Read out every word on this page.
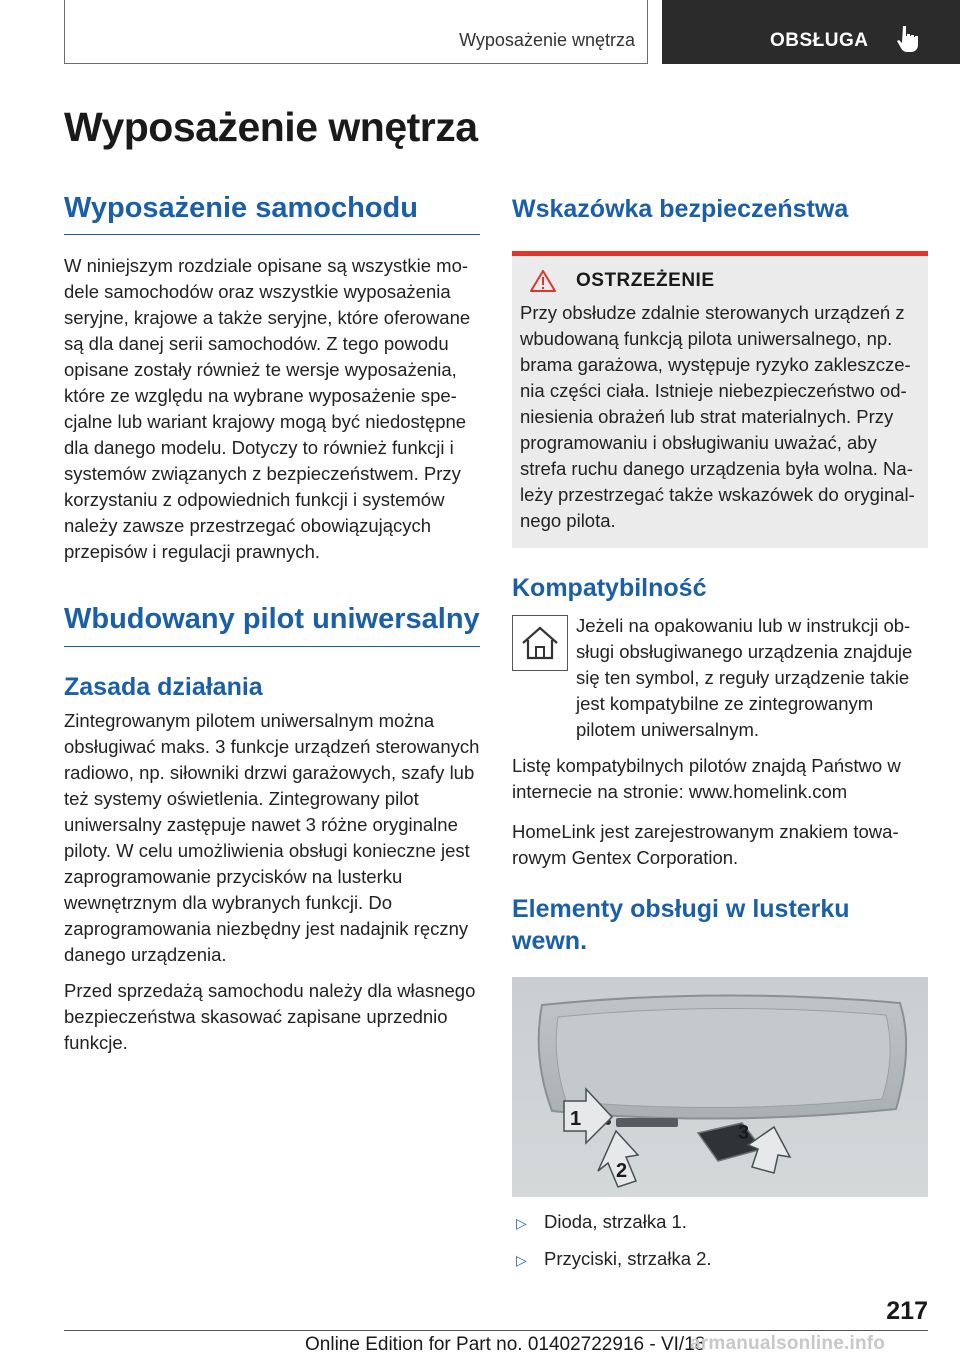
Wyposażenie wnętrza	OBSŁUGA
Wyposażenie wnętrza
Wyposażenie samochodu

W niniejszym rozdziale opisane są wszystkie modele samochodów oraz wszystkie wyposażenia seryjne, krajowe a także seryjne, które oferowane są dla danej serii samochodów. Z tego powodu opisane zostały również te wersje wyposażenia, które ze względu na wybrane wyposażenie specjalne lub wariant krajowy mogą być niedostępne dla danego modelu. Dotyczy to również funkcji i systemów związanych z bezpieczeństwem. Przy korzystaniu z odpowiednich funkcji i systemów należy zawsze przestrzegać obowiązujących przepisów i regulacji prawnych.

Wbudowany pilot uniwersalny
Zasada działania

Zintegrowanym pilotem uniwersalnym można obsługiwać maks. 3 funkcje urządzeń sterowanych radiowo, np. siłowniki drzwi garażowych, szafy lub też systemy oświetlenia. Zintegrowany pilot uniwersalny zastępuje nawet 3 różne oryginalne piloty. W celu umożliwienia obsługi konieczne jest zaprogramowanie przycisków na lusterku wewnętrznym dla wybranych funkcji. Do zaprogramowania niezbędny jest nadajnik ręczny danego urządzenia.

Przed sprzedażą samochodu należy dla własnego bezpieczeństwa skasować zapisane uprzednio funkcje.

Wskazówka bezpieczeństwa
OSTRZEŻENIE

Przy obsłudze zdalnie sterowanych urządzeń z wbudowaną funkcją pilota uniwersalnego, np. brama garażowa, występuje ryzyko zakleszczenia części ciała. Istnieje niebezpieczeństwo odniesienia obrażeń lub strat materialnych. Przy programowaniu i obsługiwaniu uważać, aby strefa ruchu danego urządzenia była wolna. Należy przestrzegać także wskazówek do oryginalnego pilota.

Kompatybilność

Jeżeli na opakowaniu lub w instrukcji obsługi obsługiwanego urządzenia znajduje się ten symbol, z reguły urządzenie takie jest kompatybilne ze zintegrowanym pilotem uniwersalnym.

Listę kompatybilnych pilotów znajdą Państwo w internecie na stronie: www.homelink.com

HomeLink jest zarejestrowanym znakiem towarowym Gentex Corporation.

Elementy obsługi w lusterku wewn.
1
2
3
▷ Dioda, strzałka 1.
▷ Przyciski, strzałka 2.
217
Online Edition for Part no. 01402722916 - VI/18
armanualsonline.info
